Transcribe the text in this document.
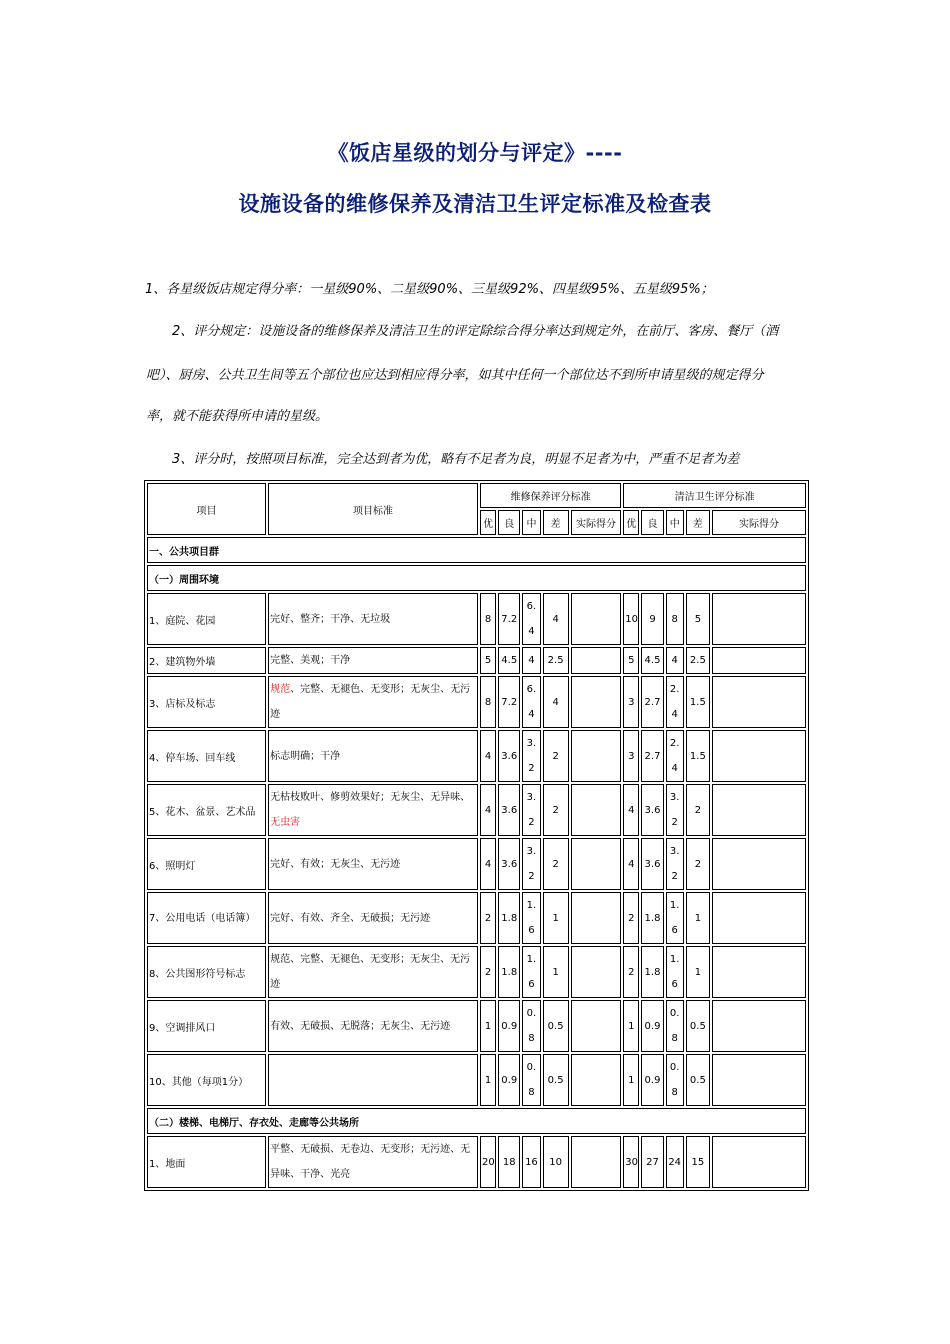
《饭店星级的划分与评定》----
设施设备的维修保养及清洁卫生评定标准及检查表
1、各星级饭店规定得分率：一星级90%、二星级90%、三星级92%、四星级95%、五星级95%；
2、评分规定：设施设备的维修保养及清洁卫生的评定除综合得分率达到规定外，在前厅、客房、餐厅（酒
吧）、厨房、公共卫生间等五个部位也应达到相应得分率，如其中任何一个部位达不到所申请星级的规定得分
率，就不能获得所申请的星级。
3、评分时，按照项目标准，完全达到者为优，略有不足者为良，明显不足者为中，严重不足者为差
项目	项目标准	维修保养评分标准					清洁卫生评分标准				
		优	良	中	差	实际得分	优	良	中	差	实际得分
一、公共项目群											
（一）周围环境											
1、庭院、花园	完好、整齐；干净、无垃圾	8	7.2	6.4	4		10	9	8	5	
2、建筑物外墙	完整、美观；干净	5	4.5	4	2.5		5	4.5	4	2.5	
3、店标及标志	规范、完整、无褪色、无变形；无灰尘、无污迹	8	7.2	6.4	4		3	2.7	2.4	1.5	
4、停车场、回车线	标志明确；干净	4	3.6	3.2	2		3	2.7	2.4	1.5	
5、花木、盆景、艺术品	无枯枝败叶、修剪效果好；无灰尘、无异味、无虫害	4	3.6	3.2	2		4	3.6	3.2	2	
6、照明灯	完好、有效；无灰尘、无污迹	4	3.6	3.2	2		4	3.6	3.2	2	
7、公用电话（电话簿）	完好、有效、齐全、无破损；无污迹	2	1.8	1.6	1		2	1.8	1.6	1	
8、公共图形符号标志	规范、完整、无褪色、无变形；无灰尘、无污迹	2	1.8	1.6	1		2	1.8	1.6	1	
9、空调排风口	有效、无破损、无脱落；无灰尘、无污迹	1	0.9	0.8	0.5		1	0.9	0.8	0.5	
10、其他（每项1分）		1	0.9	0.8	0.5		1	0.9	0.8	0.5	
（二）楼梯、电梯厅、存衣处、走廊等公共场所											
1、地面	平整、无破损、无卷边、无变形；无污迹、无异味、干净、光亮	20	18	16	10		30	27	24	15	
